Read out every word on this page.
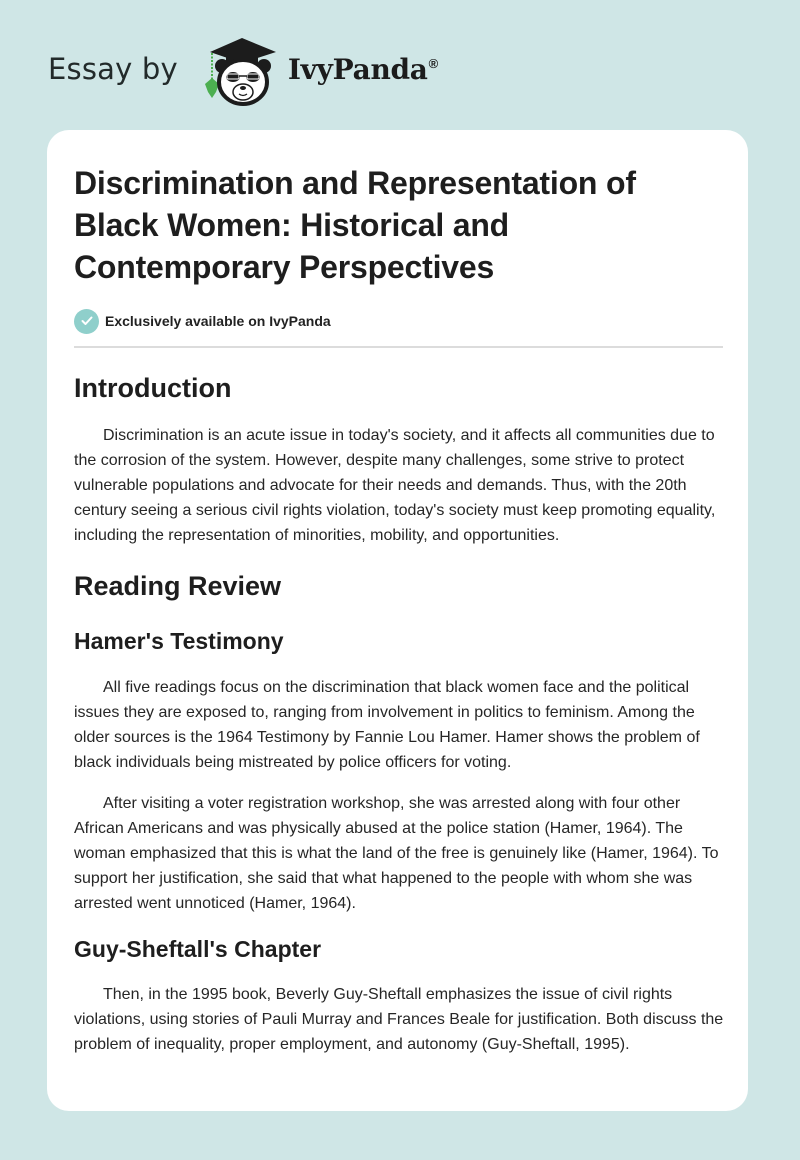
Essay by	IvyPanda®
Discrimination and Representation of Black Women: Historical and Contemporary Perspectives
Exclusively available on IvyPanda
Introduction

Discrimination is an acute issue in today's society, and it affects all communities due to the corrosion of the system. However, despite many challenges, some strive to protect vulnerable populations and advocate for their needs and demands. Thus, with the 20th century seeing a serious civil rights violation, today's society must keep promoting equality, including the representation of minorities, mobility, and opportunities.

Reading Review
Hamer's Testimony

All five readings focus on the discrimination that black women face and the political issues they are exposed to, ranging from involvement in politics to feminism. Among the older sources is the 1964 Testimony by Fannie Lou Hamer. Hamer shows the problem of black individuals being mistreated by police officers for voting.

After visiting a voter registration workshop, she was arrested along with four other African Americans and was physically abused at the police station (Hamer, 1964). The woman emphasized that this is what the land of the free is genuinely like (Hamer, 1964). To support her justification, she said that what happened to the people with whom she was arrested went unnoticed (Hamer, 1964).

Guy-Sheftall's Chapter

Then, in the 1995 book, Beverly Guy-Sheftall emphasizes the issue of civil rights violations, using stories of Pauli Murray and Frances Beale for justification. Both discuss the problem of inequality, proper employment, and autonomy (Guy-Sheftall, 1995).
